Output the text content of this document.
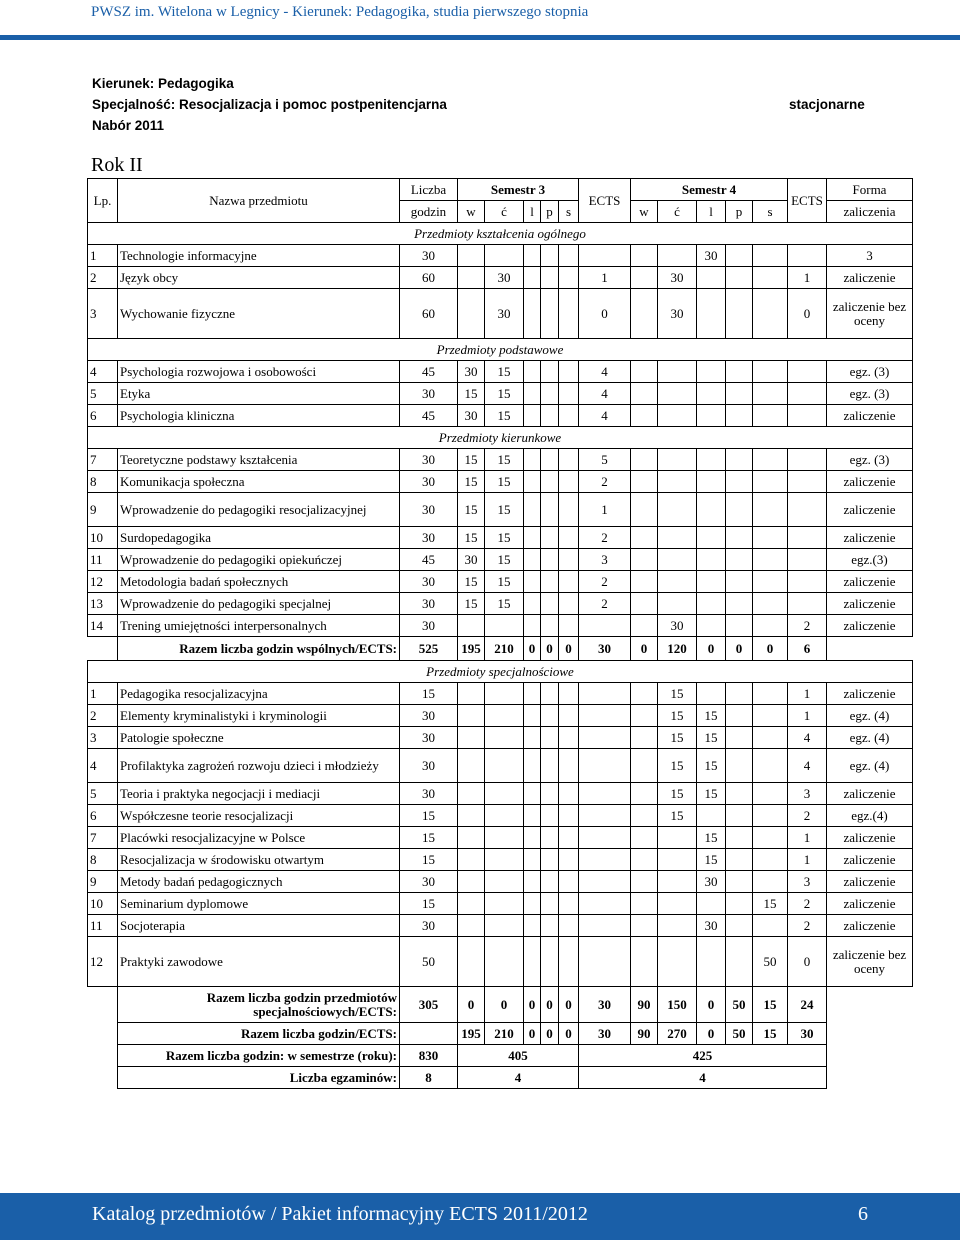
PWSZ im. Witelona w Legnicy - Kierunek: Pedagogika, studia pierwszego stopnia
Kierunek: Pedagogika
Specjalność: Resocjalizacja i pomoc postpenitencjarna
Nabór 2011
stacjonarne
Rok II
Lp.	Nazwa przedmiotu	Liczba	Semestr 3					ECTS	Semestr 4					ECTS	Forma
		godzin	w	ć	l	p	s		w	ć	l	p	s		zaliczenia
Przedmioty kształcenia ogólnego															
1	Technologie informacyjne	30									30				3
2	Język obcy	60		30				1		30				1	zaliczenie
3	Wychowanie fizyczne	60		30				0		30				0	zaliczenie bez oceny
Przedmioty podstawowe															
4	Psychologia rozwojowa i osobowości	45	30	15				4							egz. (3)
5	Etyka	30	15	15				4							egz. (3)
6	Psychologia kliniczna	45	30	15				4							zaliczenie
Przedmioty kierunkowe															
7	Teoretyczne podstawy kształcenia	30	15	15				5							egz. (3)
8	Komunikacja społeczna	30	15	15				2							zaliczenie
9	Wprowadzenie do pedagogiki resocjalizacyjnej	30	15	15				1							zaliczenie
10	Surdopedagogika	30	15	15				2							zaliczenie
11	Wprowadzenie do pedagogiki opiekuńczej	45	30	15				3							egz.(3)
12	Metodologia badań społecznych	30	15	15				2							zaliczenie
13	Wprowadzenie do pedagogiki specjalnej	30	15	15				2							zaliczenie
14	Trening umiejętności interpersonalnych	30								30				2	zaliczenie
	Razem liczba godzin wspólnych/ECTS:	525	195	210	0	0	0	30	0	120	0	0	0	6	
Przedmioty specjalnościowe															
1	Pedagogika resocjalizacyjna	15								15				1	zaliczenie
2	Elementy kryminalistyki i kryminologii	30								15	15			1	egz. (4)
3	Patologie społeczne	30								15	15			4	egz. (4)
4	Profilaktyka zagrożeń rozwoju dzieci i młodzieży	30								15	15			4	egz. (4)
5	Teoria i praktyka negocjacji i mediacji	30								15	15			3	zaliczenie
6	Współczesne teorie resocjalizacji	15								15				2	egz.(4)
7	Placówki resocjalizacyjne w Polsce	15									15			1	zaliczenie
8	Resocjalizacja w środowisku otwartym	15									15			1	zaliczenie
9	Metody badań pedagogicznych	30									30			3	zaliczenie
10	Seminarium dyplomowe	15											15	2	zaliczenie
11	Socjoterapia	30									30			2	zaliczenie
12	Praktyki zawodowe	50											50	0	zaliczenie bez oceny
	Razem liczba godzin przedmiotów specjalnościowych/ECTS:	305	0	0	0	0	0	30	90	150	0	50	15	24	
	Razem liczba godzin/ECTS:		195	210	0	0	0	30	90	270	0	50	15	30	
	Razem liczba godzin: w semestrze (roku):	830	405					425							
	Liczba egzaminów:	8	4					4							
Katalog przedmiotów / Pakiet informacyjny ECTS 2011/2012	6
